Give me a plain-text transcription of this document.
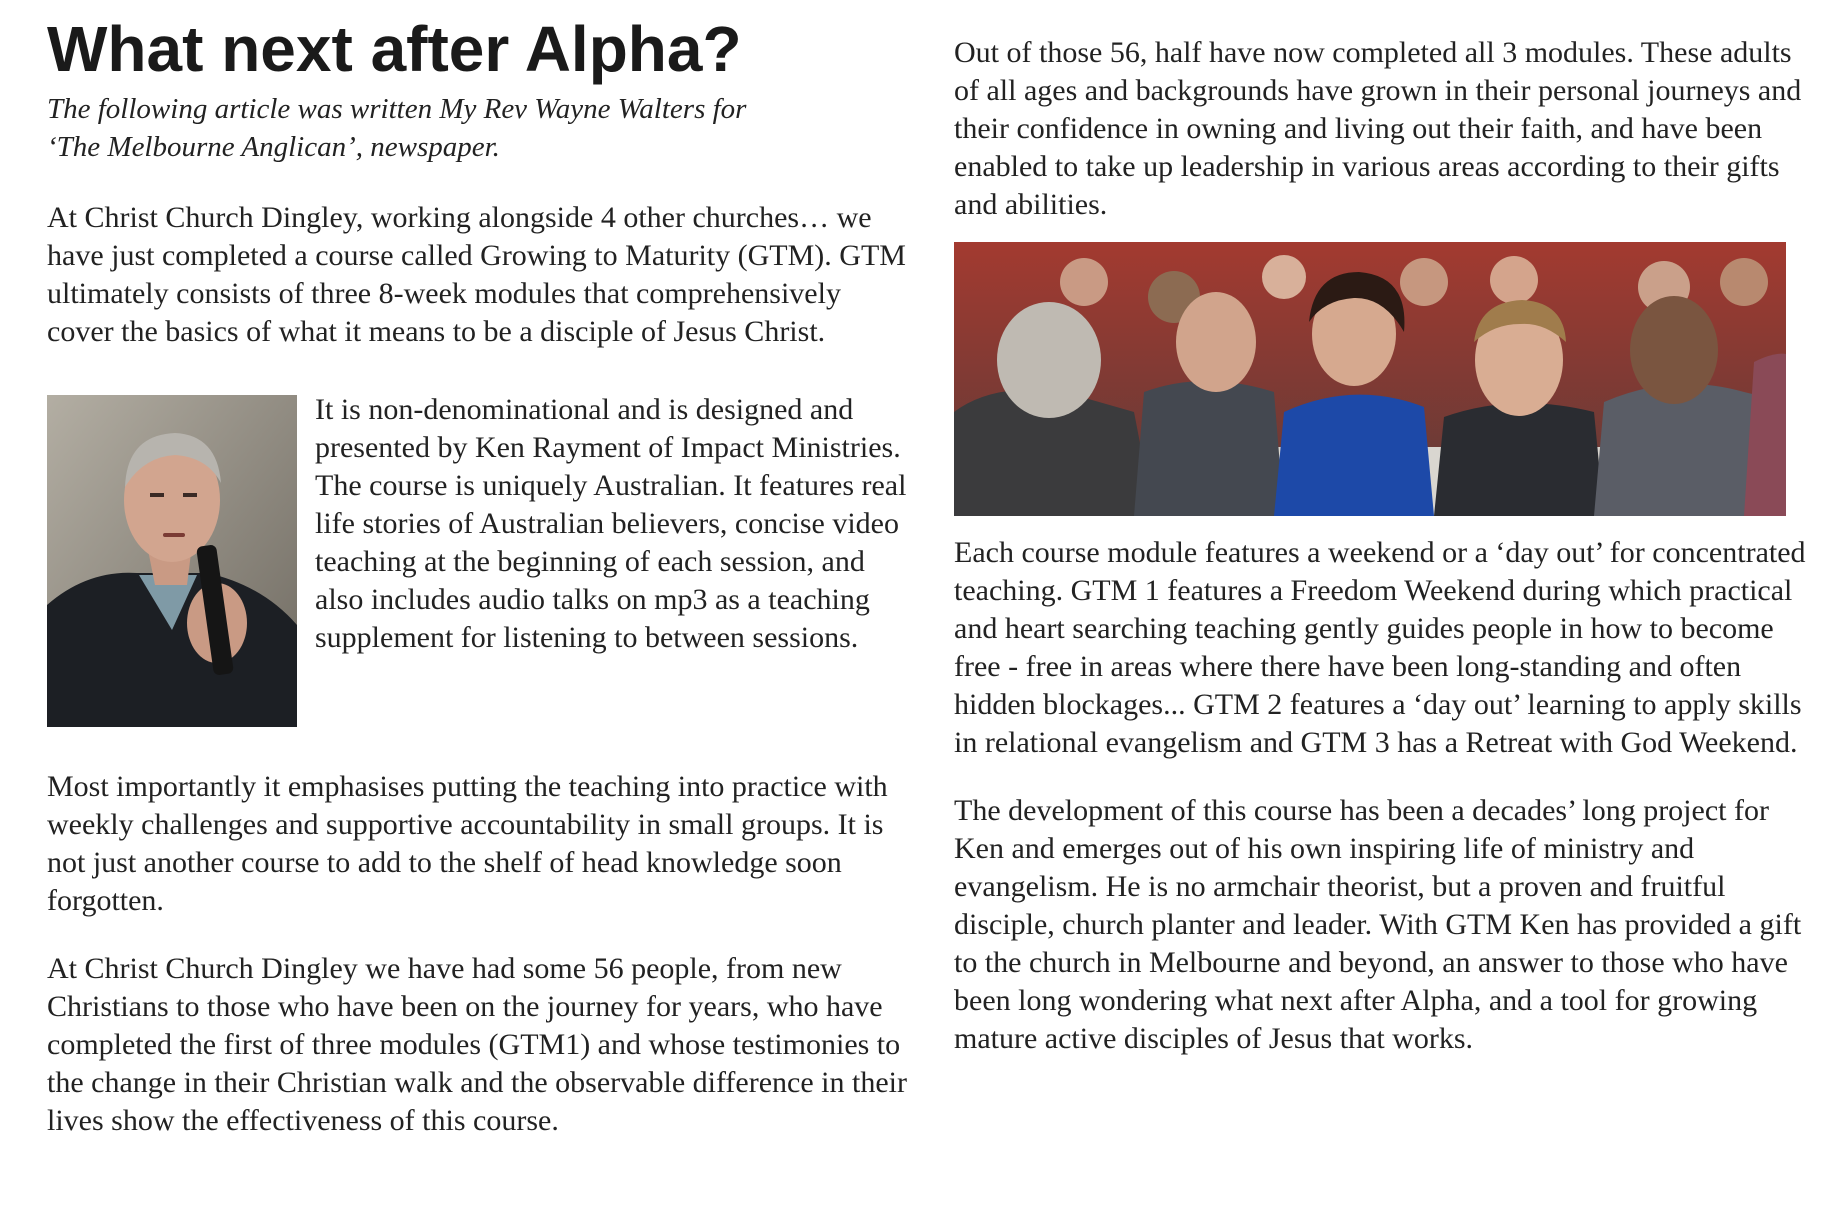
What next after Alpha?
The following article was written My Rev Wayne Walters for
‘The Melbourne Anglican’, newspaper.

At Christ Church Dingley, working alongside 4 other churches… we have just completed a course called Growing to Maturity (GTM). GTM ultimately consists of three 8-week modules that comprehensively cover the basics of what it means to be a disciple of Jesus Christ.

It is non-denominational and is designed and presented by Ken Rayment of Impact Ministries. The course is uniquely Australian. It features real life stories of Australian believers, concise video teaching at the beginning of each session, and also includes audio talks on mp3 as a teaching supplement for listening to between sessions.

Most importantly it emphasises putting the teaching into practice with weekly challenges and supportive accountability in small groups. It is not just another course to add to the shelf of head knowledge soon forgotten.

At Christ Church Dingley we have had some 56 people, from new Christians to those who have been on the journey for years, who have completed the first of three modules (GTM1) and whose testimonies to the change in their Christian walk and the observable difference in their lives show the effectiveness of this course.

Out of those 56, half have now completed all 3 modules. These adults of all ages and backgrounds have grown in their personal journeys and their confidence in owning and living out their faith, and have been enabled to take up leadership in various areas according to their gifts and abilities.

Each course module features a weekend or a ‘day out’ for concentrated teaching. GTM 1 features a Freedom Weekend during which practical and heart searching teaching gently guides people in how to become free - free in areas where there have been long-standing and often hidden blockages... GTM 2 features a ‘day out’ learning to apply skills in relational evangelism and GTM 3 has a Retreat with God Weekend.

The development of this course has been a decades’ long project for Ken and emerges out of his own inspiring life of ministry and evangelism. He is no armchair theorist, but a proven and fruitful disciple, church planter and leader. With GTM Ken has provided a gift to the church in Melbourne and beyond, an answer to those who have been long wondering what next after Alpha, and a tool for growing mature active disciples of Jesus that works.
